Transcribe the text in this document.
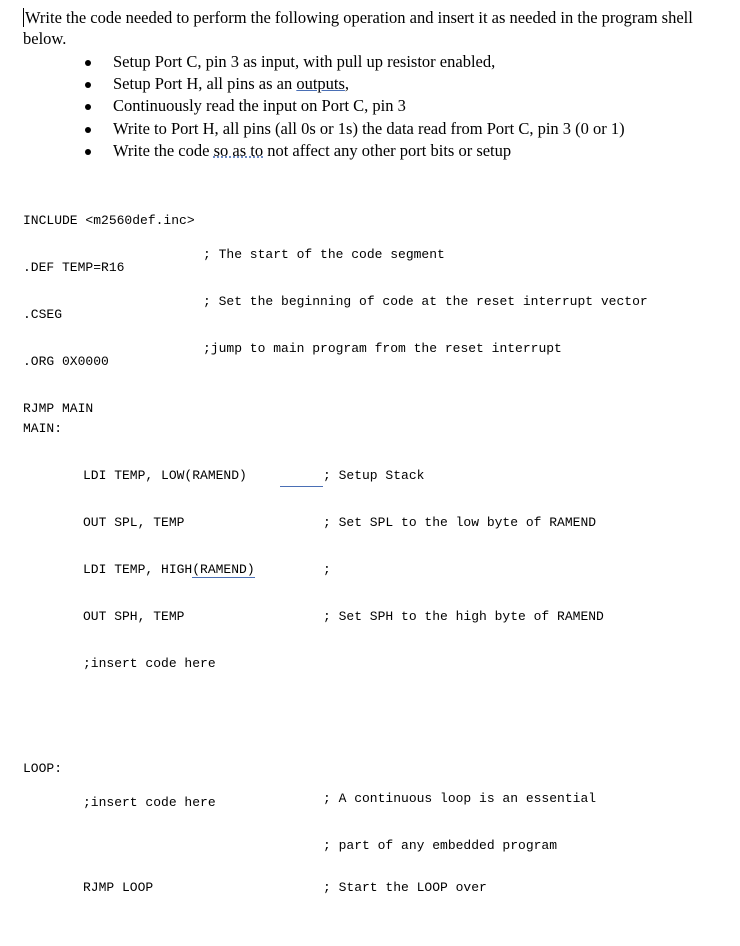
Write the code needed to perform the following operation and insert it as needed in the program shell below.
Setup Port C, pin 3 as input, with pull up resistor enabled,
Setup Port H, all pins as an outputs,
Continuously read the input on Port C, pin 3
Write to Port H, all pins (all 0s or 1s) the data read from Port C, pin 3 (0 or 1)
Write the code so as to not affect any other port bits or setup

INCLUDE <m2560def.inc>

.DEF TEMP=R16

.CSEG

.ORG 0X0000

RJMP MAIN

; The start of the code segment

; Set the beginning of code at the reset interrupt vector

;jump to main program from the reset interrupt

MAIN:

LDI TEMP, LOW(RAMEND)

OUT SPL, TEMP

LDI TEMP, HIGH(RAMEND)

OUT SPH, TEMP

;insert code here

; Setup Stack

; Set SPL to the low byte of RAMEND

;

; Set SPH to the high byte of RAMEND

LOOP:

; A continuous loop is an essential

; part of any embedded program

;insert code here
RJMP LOOP	; Start the LOOP over
